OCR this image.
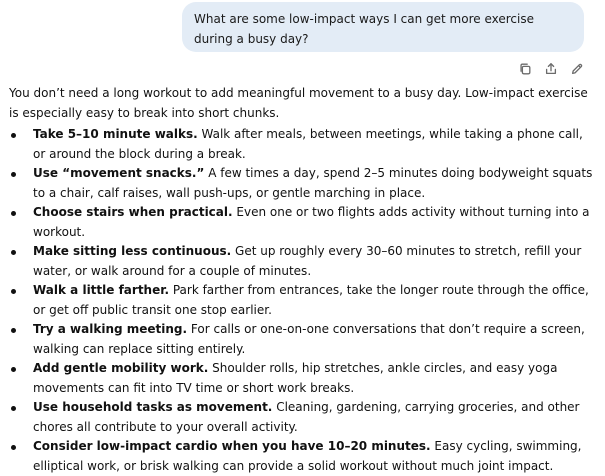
What are some low-impact ways I can get more exercise during a busy day?

You don’t need a long workout to add meaningful movement to a busy day. Low-impact exercise is especially easy to break into short chunks.

Take 5–10 minute walks. Walk after meals, between meetings, while taking a phone call, or around the block during a break.
Use “movement snacks.” A few times a day, spend 2–5 minutes doing bodyweight squats to a chair, calf raises, wall push-ups, or gentle marching in place.
Choose stairs when practical. Even one or two flights adds activity without turning into a workout.
Make sitting less continuous. Get up roughly every 30–60 minutes to stretch, refill your water, or walk around for a couple of minutes.
Walk a little farther. Park farther from entrances, take the longer route through the office, or get off public transit one stop earlier.
Try a walking meeting. For calls or one-on-one conversations that don’t require a screen, walking can replace sitting entirely.
Add gentle mobility work. Shoulder rolls, hip stretches, ankle circles, and easy yoga movements can fit into TV time or short work breaks.
Use household tasks as movement. Cleaning, gardening, carrying groceries, and other chores all contribute to your overall activity.
Consider low-impact cardio when you have 10–20 minutes. Easy cycling, swimming, elliptical work, or brisk walking can provide a solid workout without much joint impact.
